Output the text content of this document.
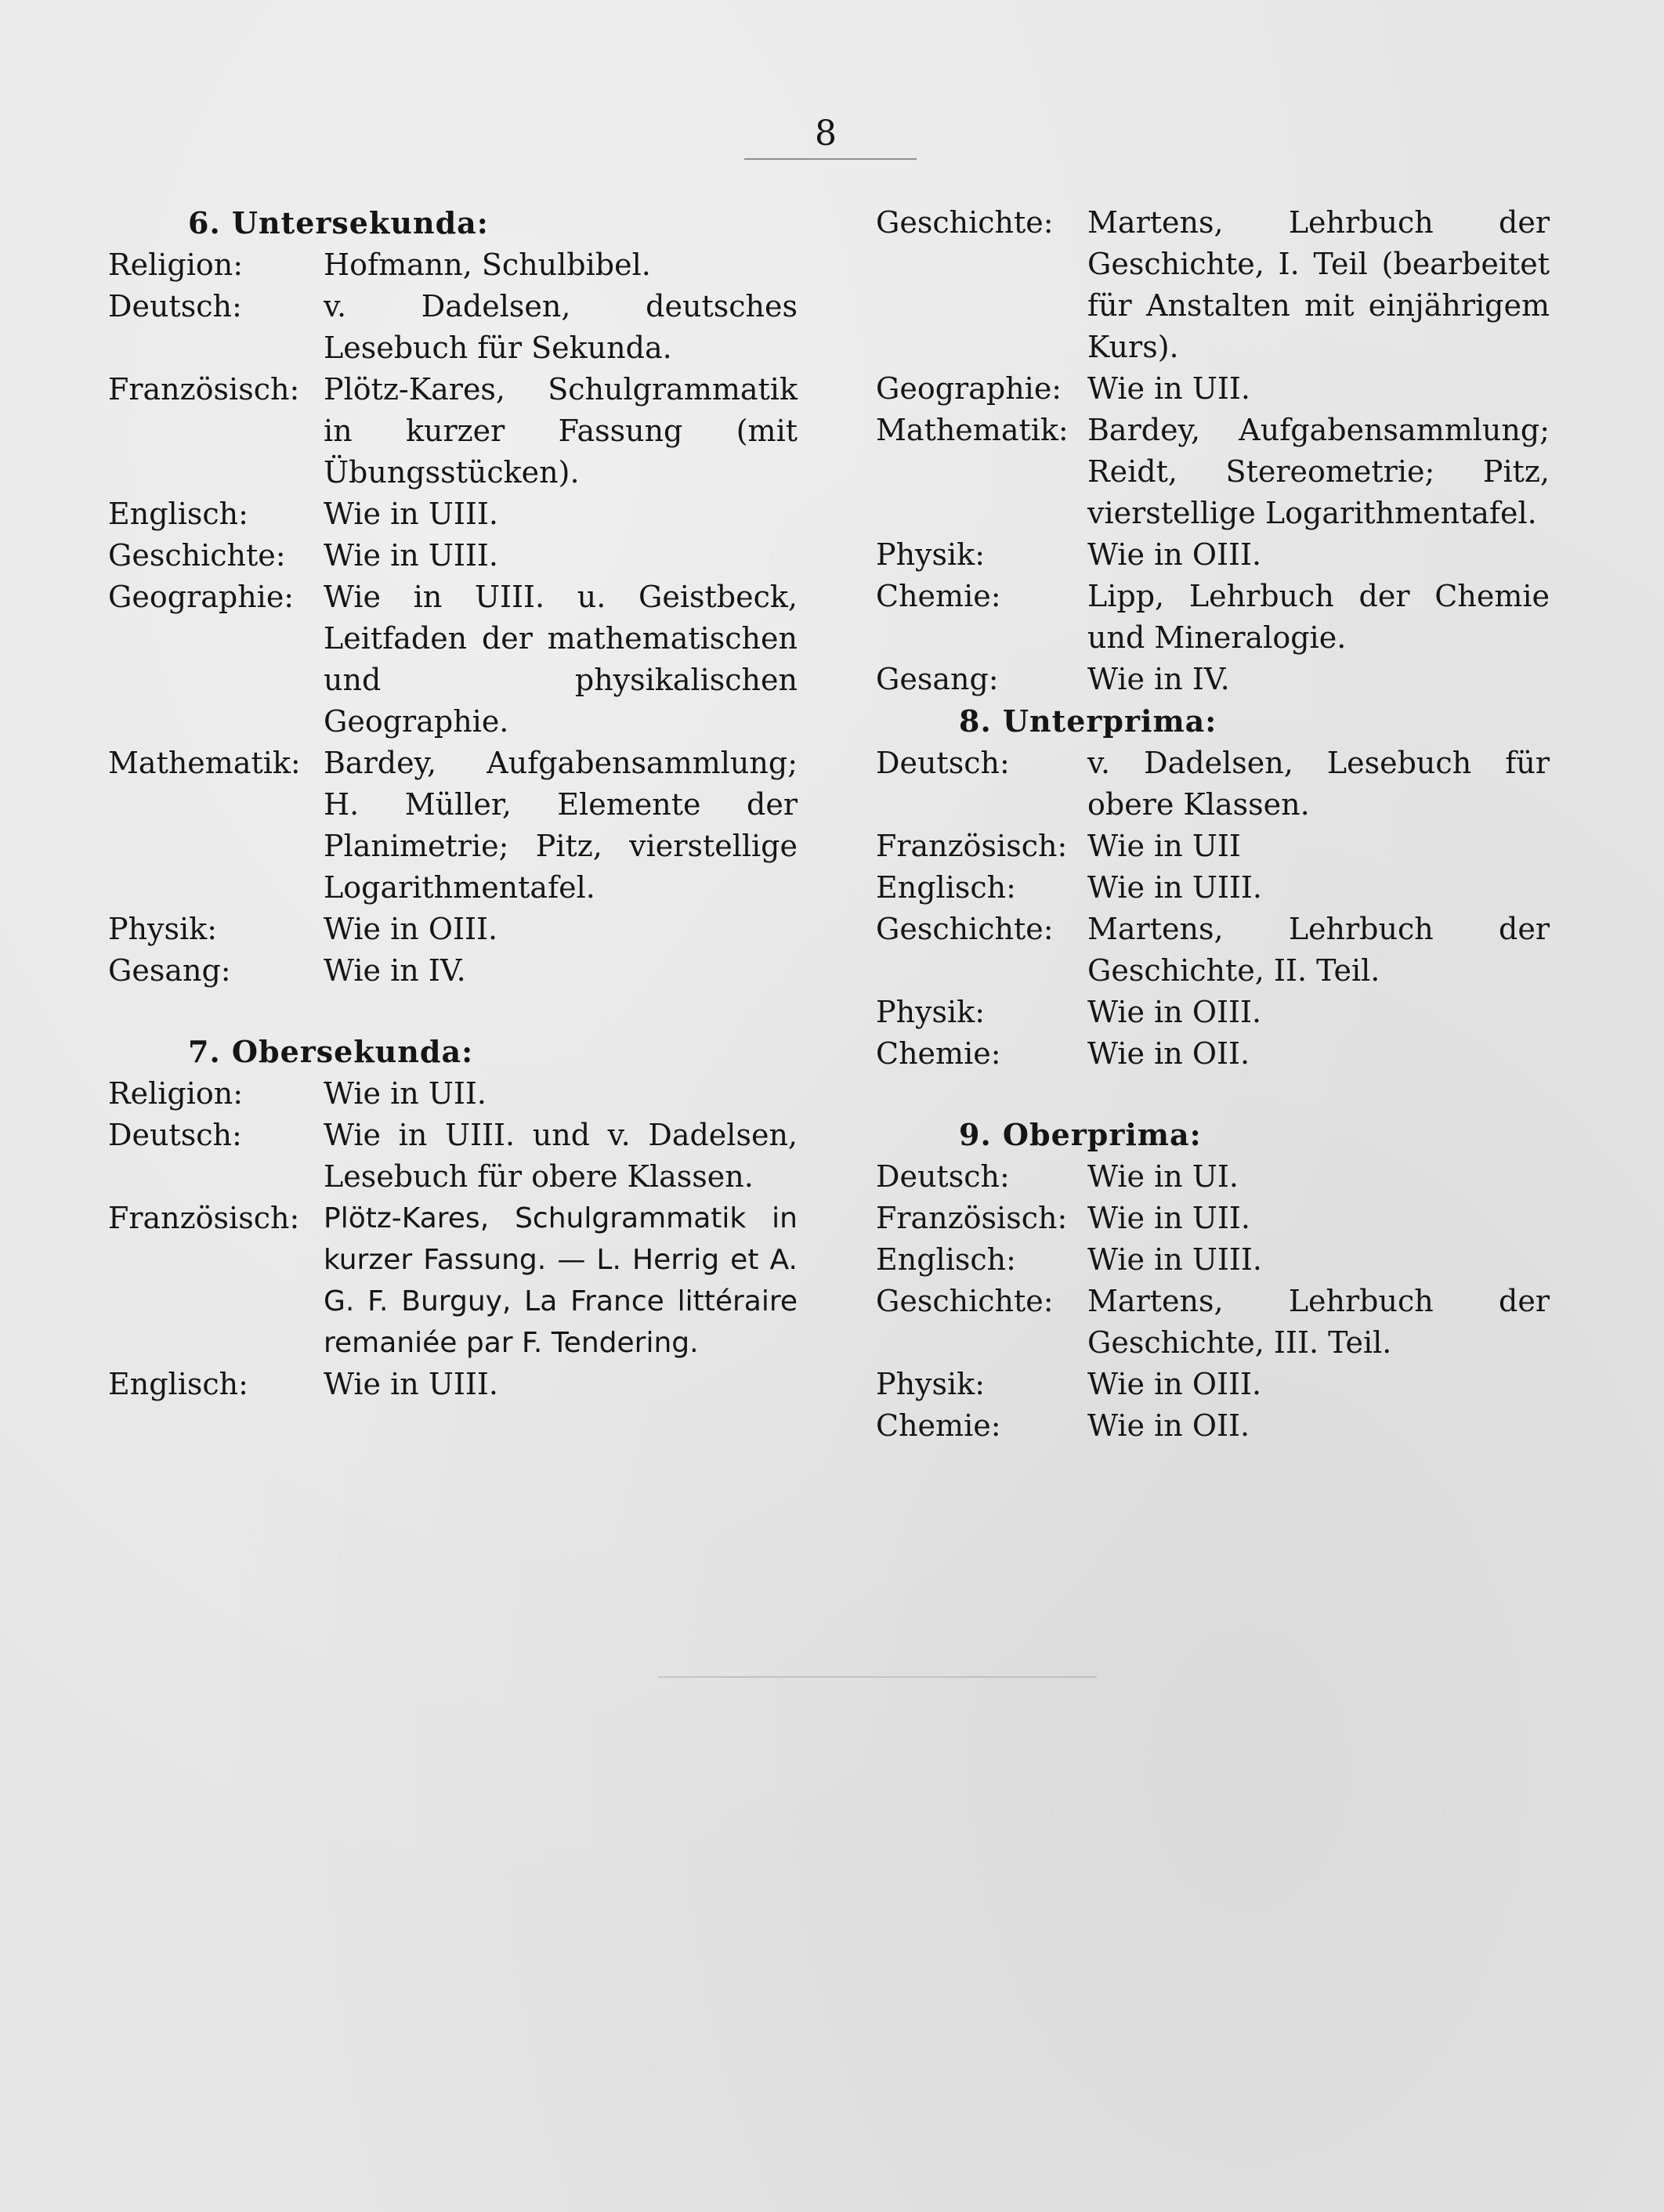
8
6. Untersekunda:
Religion:	Hofmann, Schulbibel.
Deutsch:	v. Dadelsen, deutsches Lesebuch für Sekunda.
Französisch: Plötz-Kares, Schulgrammatik in kurzer Fassung (mit Übungsstücken).
Englisch:	Wie in UIII.
Geschichte:	Wie in UIII.
Geographie: Wie in UIII. u. Geistbeck, Leitfaden der mathematischen und physikalischen Geographie.
Mathematik: Bardey, Aufgabensammlung; H. Müller, Elemente der Planimetrie; Pitz, vierstellige Logarithmentafel.
Physik:	Wie in OIII.
Gesang:	Wie in IV.
7. Obersekunda:
Religion:	Wie in UII.
Deutsch:	Wie in UIII. und v. Dadelsen, Lesebuch für obere Klassen.
Französisch: Plötz-Kares, Schulgrammatik in kurzer Fassung. — L. Herrig et A. G. F. Burguy, La France littéraire remaniée par F. Tendering.
Englisch:	Wie in UIII.
Geschichte:	Martens, Lehrbuch der Geschichte, I. Teil (bearbeitet für Anstalten mit einjährigem Kurs).
Geographie: Wie in UII.
Mathematik: Bardey, Aufgabensammlung; Reidt, Stereometrie; Pitz, vierstellige Logarithmentafel.
Physik:	Wie in OIII.
Chemie:	Lipp, Lehrbuch der Chemie und Mineralogie.
Gesang:	Wie in IV.
8. Unterprima:
Deutsch:	v. Dadelsen, Lesebuch für obere Klassen.
Französisch: Wie in UII
Englisch:	Wie in UIII.
Geschichte:	Martens, Lehrbuch der Geschichte, II. Teil.
Physik:	Wie in OIII.
Chemie:	Wie in OII.
9. Oberprima:
Deutsch:	Wie in UI.
Französisch: Wie in UII.
Englisch:	Wie in UIII.
Geschichte:	Martens, Lehrbuch der Geschichte, III. Teil.
Physik:	Wie in OIII.
Chemie:	Wie in OII.
